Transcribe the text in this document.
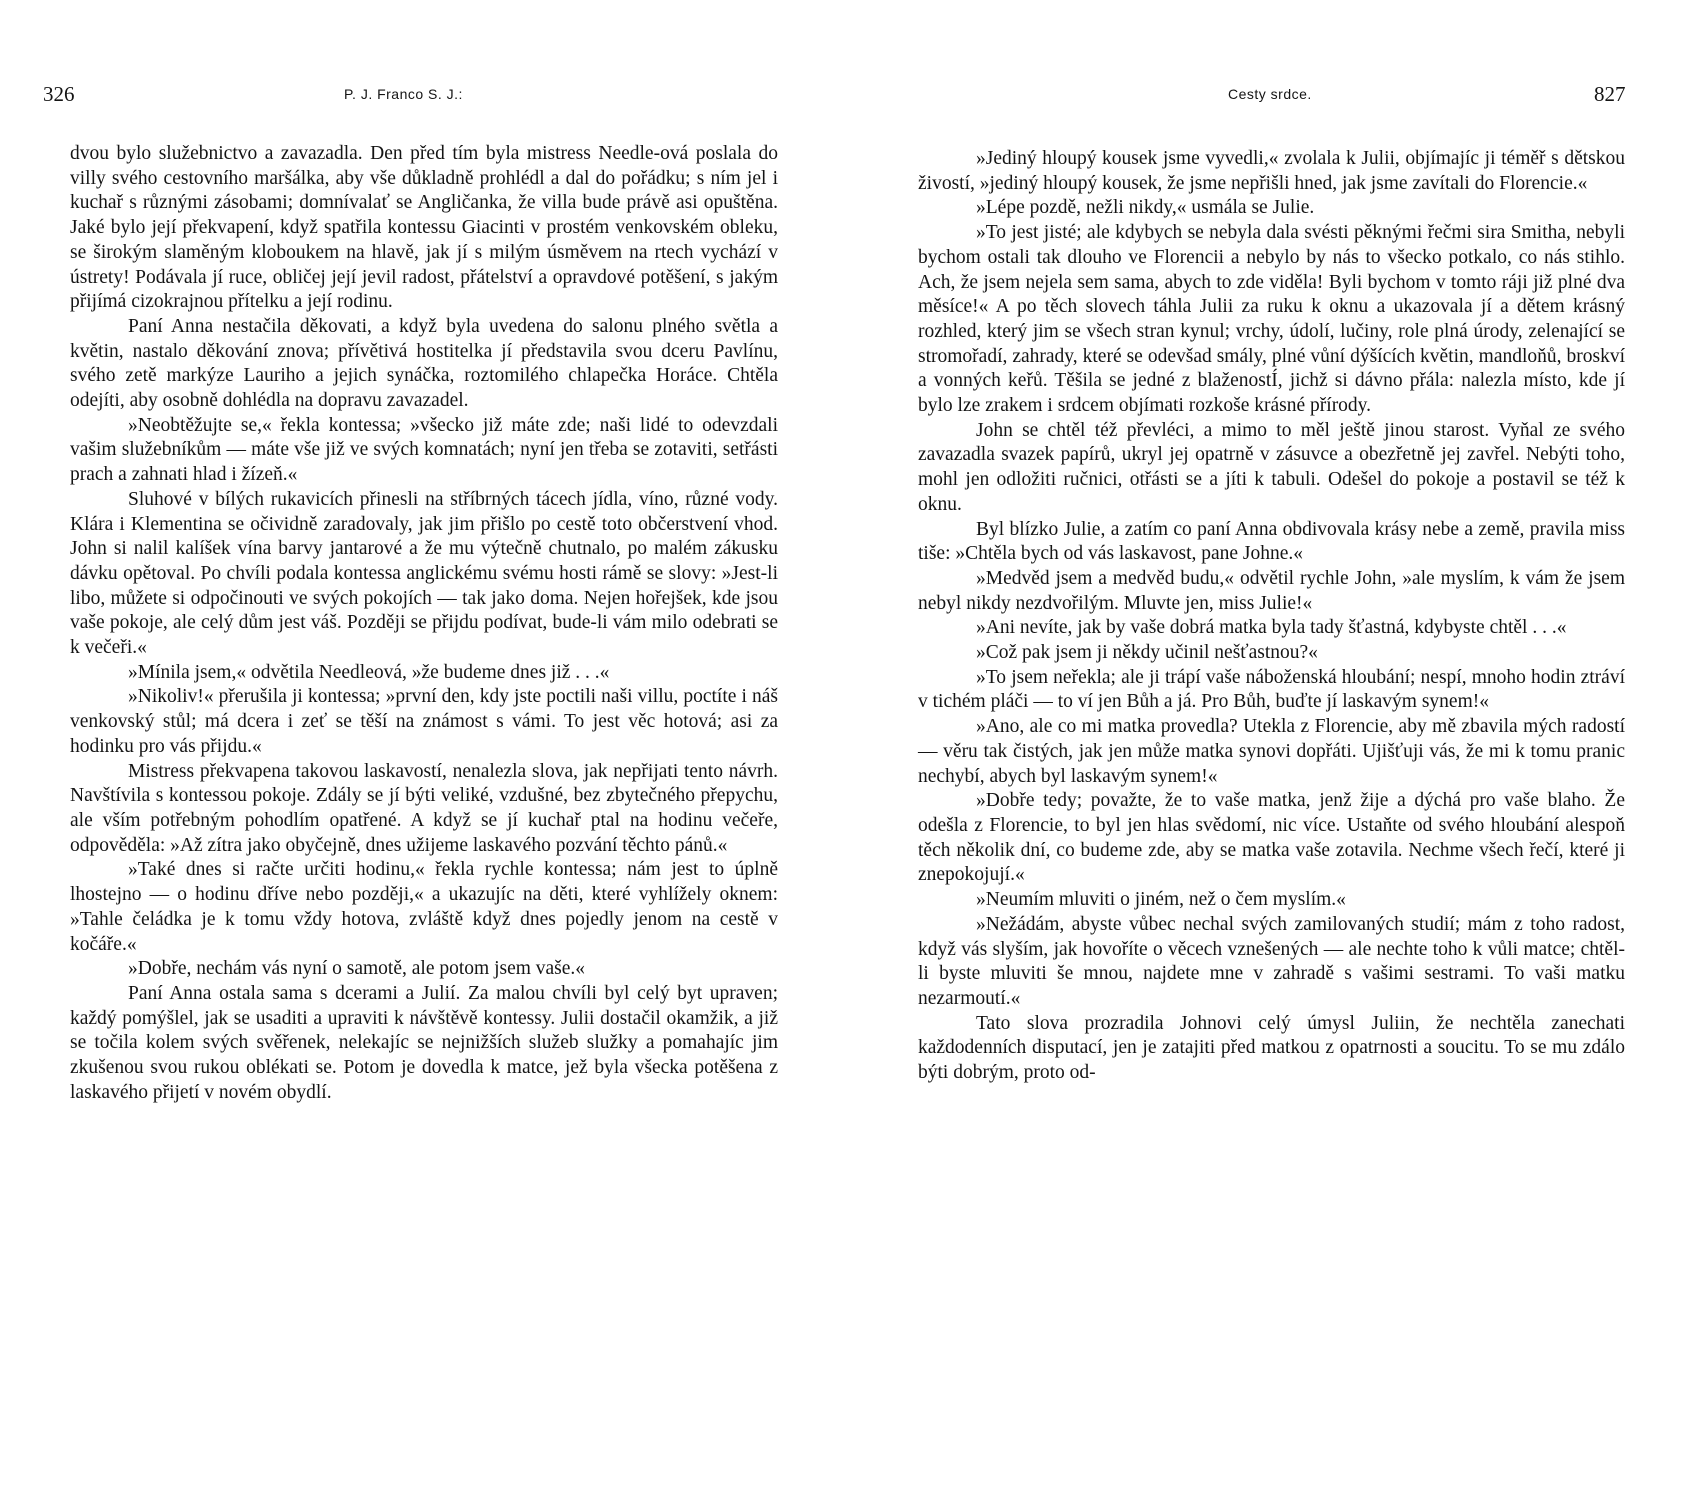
326	P. J. Franco S. J.:

dvou bylo služebnictvo a zavazadla. Den před tím byla mistress Needle-ová poslala do villy svého cestovního maršálka, aby vše důkladně prohlédl a dal do pořádku; s ním jel i kuchař s různými zásobami; domnívalať se Angličanka, že villa bude právě asi opuštěna. Jaké bylo její překvapení, když spatřila kontessu Giacinti v prostém venkovském obleku, se širokým slaměným kloboukem na hlavě, jak jí s milým úsměvem na rtech vychází v ústrety! Podávala jí ruce, obličej její jevil radost, přátelství a opravdové potěšení, s jakým přijímá cizokrajnou přítelku a její rodinu.

Paní Anna nestačila děkovati, a když byla uvedena do salonu plného světla a květin, nastalo děkování znova; přívětivá hostitelka jí představila svou dceru Pavlínu, svého zetě markýze Lauriho a jejich synáčka, roztomilého chlapečka Horáce. Chtěla odejíti, aby osobně dohlédla na dopravu zavazadel.

»Neobtěžujte se,« řekla kontessa; »všecko již máte zde; naši lidé to odevzdali vašim služebníkům — máte vše již ve svých komnatách; nyní jen třeba se zotaviti, setřásti prach a zahnati hlad i žízeň.«

Sluhové v bílých rukavicích přinesli na stříbrných tácech jídla, víno, různé vody. Klára i Klementina se očividně zaradovaly, jak jim přišlo po cestě toto občerstvení vhod. John si nalil kalíšek vína barvy jantarové a že mu výtečně chutnalo, po malém zákusku dávku opětoval. Po chvíli podala kontessa anglickému svému hosti rámě se slovy: »Jest-li libo, můžete si odpočinouti ve svých pokojích — tak jako doma. Nejen hořejšek, kde jsou vaše pokoje, ale celý dům jest váš. Později se přijdu podívat, bude-li vám milo odebrati se k večeři.«

»Mínila jsem,« odvětila Needleová, »že budeme dnes již . . .«

»Nikoliv!« přerušila ji kontessa; »první den, kdy jste poctili naši villu, poctíte i náš venkovský stůl; má dcera i zeť se těší na známost s vámi. To jest věc hotová; asi za hodinku pro vás přijdu.«

Mistress překvapena takovou laskavostí, nenalezla slova, jak nepřijati tento návrh. Navštívila s kontessou pokoje. Zdály se jí býti veliké, vzdušné, bez zbytečného přepychu, ale vším potřebným pohodlím opatřené. A když se jí kuchař ptal na hodinu večeře, odpověděla: »Až zítra jako obyčejně, dnes užijeme laskavého pozvání těchto pánů.«

»Také dnes si račte určiti hodinu,« řekla rychle kontessa; nám jest to úplně lhostejno — o hodinu dříve nebo později,« a ukazujíc na děti, které vyhlížely oknem: »Tahle čeládka je k tomu vždy hotova, zvláště když dnes pojedly jenom na cestě v kočáře.«

»Dobře, nechám vás nyní o samotě, ale potom jsem vaše.«

Paní Anna ostala sama s dcerami a Julií. Za malou chvíli byl celý byt upraven; každý pomýšlel, jak se usaditi a upraviti k návštěvě kontessy. Julii dostačil okamžik, a již se točila kolem svých svěřenek, nelekajíc se nejnižších služeb služky a pomahajíc jim zkušenou svou rukou oblékati se. Potom je dovedla k matce, jež byla všecka potěšena z laskavého přijetí v novém obydlí.

Cesty srdce.	827

»Jediný hloupý kousek jsme vyvedli,« zvolala k Julii, objímajíc ji téměř s dětskou živostí, »jediný hloupý kousek, že jsme nepřišli hned, jak jsme zavítali do Florencie.«

»Lépe pozdě, nežli nikdy,« usmála se Julie.

»To jest jisté; ale kdybych se nebyla dala svésti pěknými řečmi sira Smitha, nebyli bychom ostali tak dlouho ve Florencii a nebylo by nás to všecko potkalo, co nás stihlo. Ach, že jsem nejela sem sama, abych to zde viděla! Byli bychom v tomto ráji již plné dva měsíce!« A po těch slovech táhla Julii za ruku k oknu a ukazovala jí a dětem krásný rozhled, který jim se všech stran kynul; vrchy, údolí, lučiny, role plná úrody, zelenající se stromořadí, zahrady, které se odevšad smály, plné vůní dýšících květin, mandloňů, broskví a vonných keřů. Těšila se jedné z blaženostÍ, jichž si dávno přála: nalezla místo, kde jí bylo lze zrakem i srdcem objímati rozkoše krásné přírody.

John se chtěl též převléci, a mimo to měl ještě jinou starost. Vyňal ze svého zavazadla svazek papírů, ukryl jej opatrně v zásuvce a obezřetně jej zavřel. Nebýti toho, mohl jen odložiti ručnici, otřásti se a jíti k tabuli. Odešel do pokoje a postavil se též k oknu.

Byl blízko Julie, a zatím co paní Anna obdivovala krásy nebe a země, pravila miss tiše: »Chtěla bych od vás laskavost, pane Johne.«

»Medvěd jsem a medvěd budu,« odvětil rychle John, »ale myslím, k vám že jsem nebyl nikdy nezdvořilým. Mluvte jen, miss Julie!«

»Ani nevíte, jak by vaše dobrá matka byla tady šťastná, kdybyste chtěl . . .«

»Což pak jsem ji někdy učinil nešťastnou?«

»To jsem neřekla; ale ji trápí vaše náboženská hloubání; nespí, mnoho hodin ztráví v tichém pláči — to ví jen Bůh a já. Pro Bůh, buďte jí laskavým synem!«

»Ano, ale co mi matka provedla? Utekla z Florencie, aby mě zbavila mých radostí — věru tak čistých, jak jen může matka synovi dopřáti. Ujišťuji vás, že mi k tomu pranic nechybí, abych byl laskavým synem!«

»Dobře tedy; považte, že to vaše matka, jenž žije a dýchá pro vaše blaho. Že odešla z Florencie, to byl jen hlas svědomí, nic více. Ustaňte od svého hloubání alespoň těch několik dní, co budeme zde, aby se matka vaše zotavila. Nechme všech řečí, které ji znepokojují.«

»Neumím mluviti o jiném, než o čem myslím.«

»Nežádám, abyste vůbec nechal svých zamilovaných studií; mám z toho radost, když vás slyším, jak hovoříte o věcech vznešených — ale nechte toho k vůli matce; chtěl-li byste mluviti še mnou, najdete mne v zahradě s vašimi sestrami. To vaši matku nezarmoutí.«

Tato slova prozradila Johnovi celý úmysl Juliin, že nechtěla zanechati každodenních disputací, jen je zatajiti před matkou z opatrnosti a soucitu. To se mu zdálo býti dobrým, proto od-
